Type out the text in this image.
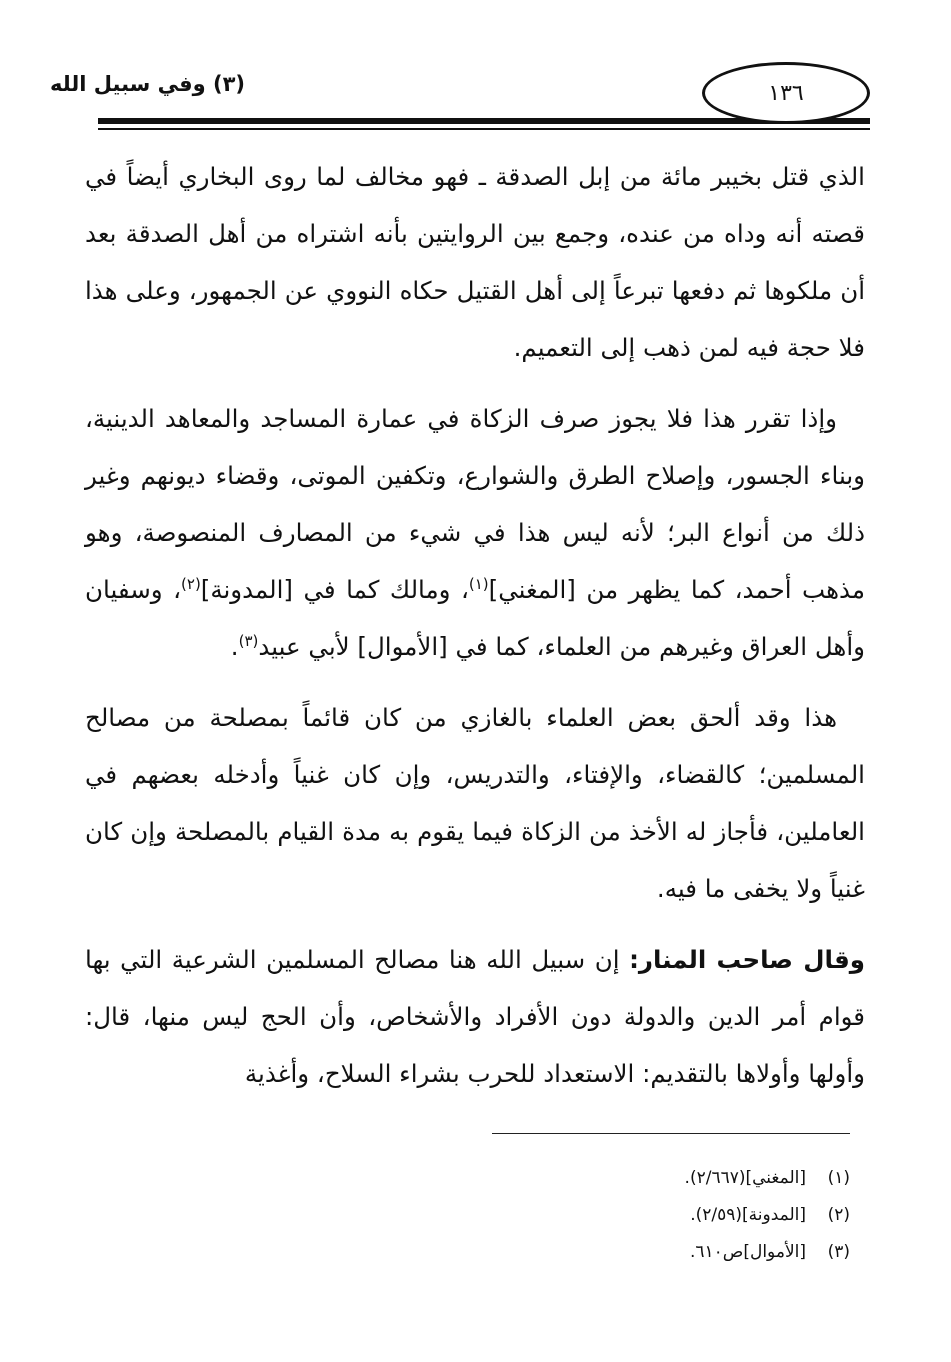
(٣) وفي سبيل الله	١٣٦

الذي قتل بخيبر مائة من إبل الصدقة ـ فهو مخالف لما روى البخاري أيضاً في قصته أنه وداه من عنده، وجمع بين الروايتين بأنه اشتراه من أهل الصدقة بعد أن ملكوها ثم دفعها تبرعاً إلى أهل القتيل حكاه النووي عن الجمهور، وعلى هذا فلا حجة فيه لمن ذهب إلى التعميم.

وإذا تقرر هذا فلا يجوز صرف الزكاة في عمارة المساجد والمعاهد الدينية، وبناء الجسور، وإصلاح الطرق والشوارع، وتكفين الموتى، وقضاء ديونهم وغير ذلك من أنواع البر؛ لأنه ليس هذا في شيء من المصارف المنصوصة، وهو مذهب أحمد، كما يظهر من [المغني]$^{(١)}$، ومالك كما في [المدونة]$^{(٢)}$، وسفيان وأهل العراق وغيرهم من العلماء، كما في [الأموال] لأبي عبيد$^{(٣)}$.

هذا وقد ألحق بعض العلماء بالغازي من كان قائماً بمصلحة من مصالح المسلمين؛ كالقضاء، والإفتاء، والتدريس، وإن كان غنياً وأدخله بعضهم في العاملين، فأجاز له الأخذ من الزكاة فيما يقوم به مدة القيام بالمصلحة وإن كان غنياً ولا يخفى ما فيه.

وقال صاحب المنار: إن سبيل الله هنا مصالح المسلمين الشرعية التي بها قوام أمر الدين والدولة دون الأفراد والأشخاص، وأن الحج ليس منها، قال: وأولها وأولاها بالتقديم: الاستعداد للحرب بشراء السلاح، وأغذية

(١)
[المغني](٢/٦٦٧).
(٢)
[المدونة](٢/٥٩).
(٣)
[الأموال]ص٦١٠.
